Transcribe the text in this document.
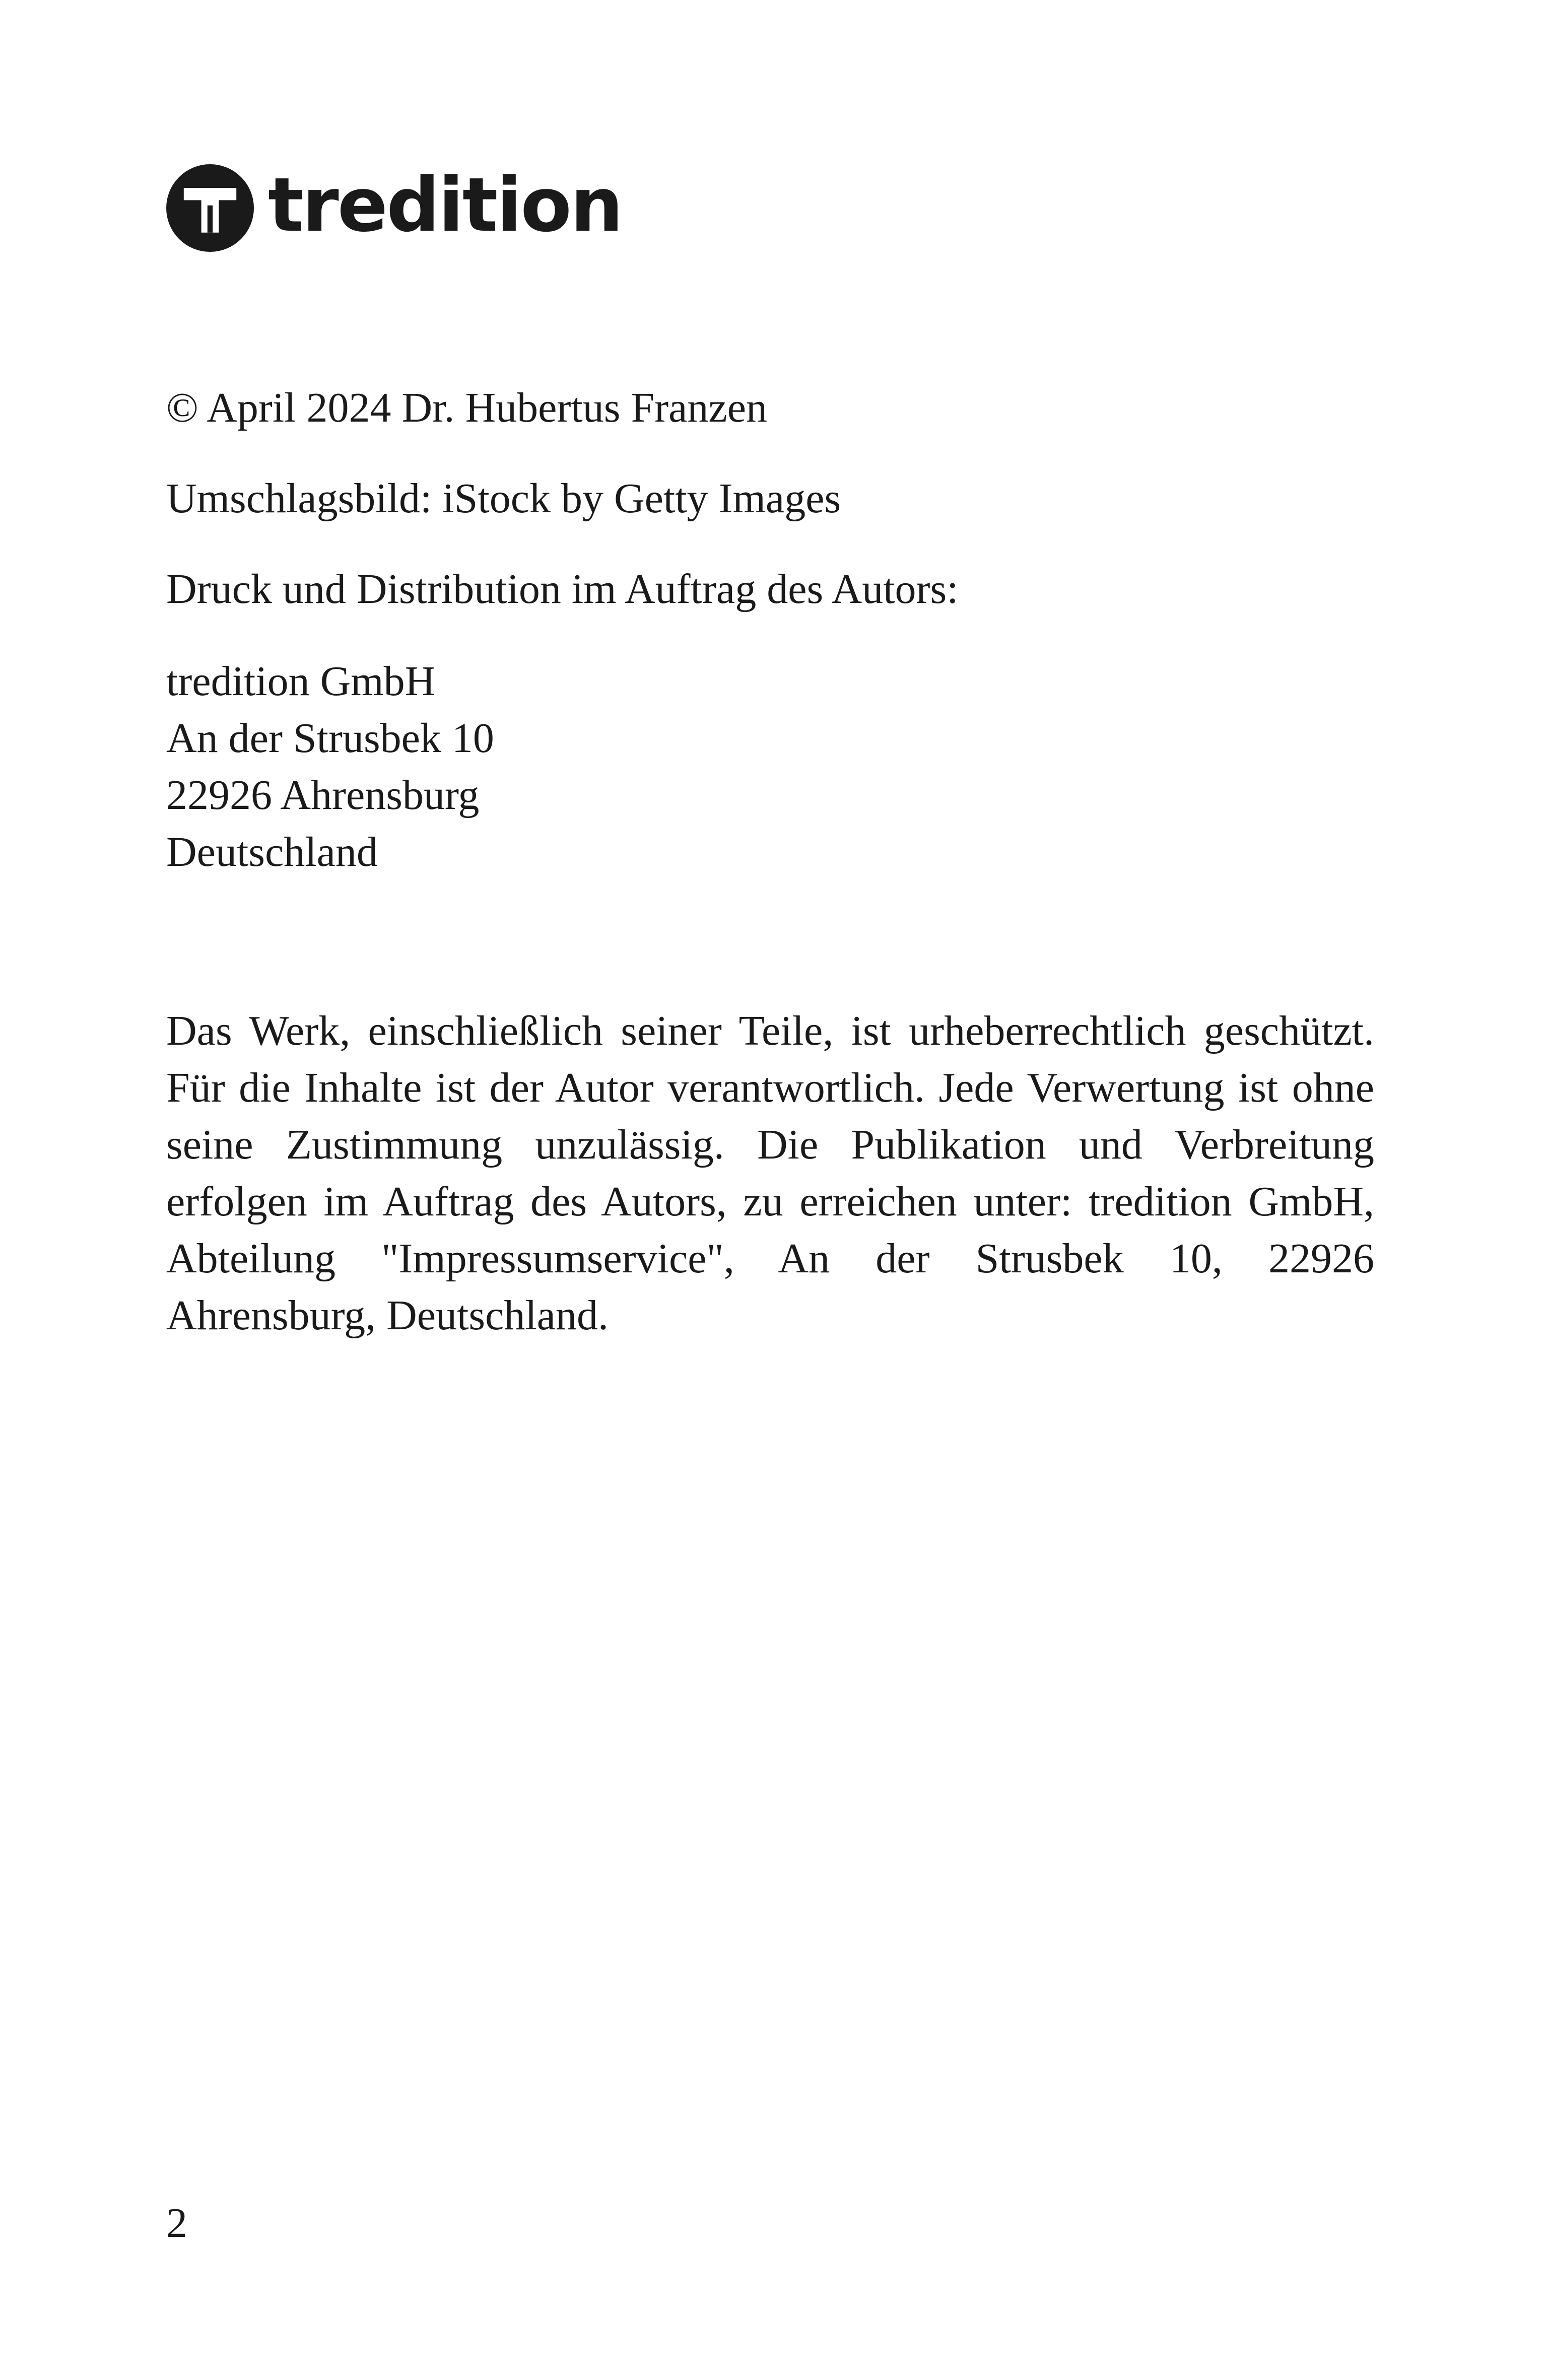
tredition
© April 2024 Dr. Hubertus Franzen
Umschlagsbild: iStock by Getty Images
Druck und Distribution im Auftrag des Autors:
tredition GmbH
An der Strusbek 10
22926 Ahrensburg
Deutschland

Das Werk, einschließlich seiner Teile, ist urheberrechtlich geschützt. Für die Inhalte ist der Autor verantwortlich. Jede Verwertung ist ohne seine Zustimmung unzulässig. Die Publikation und Verbreitung erfolgen im Auftrag des Autors, zu erreichen unter: tredition GmbH, Abteilung "Impressumservice", An der Strusbek 10, 22926 Ahrensburg, Deutschland.

2
